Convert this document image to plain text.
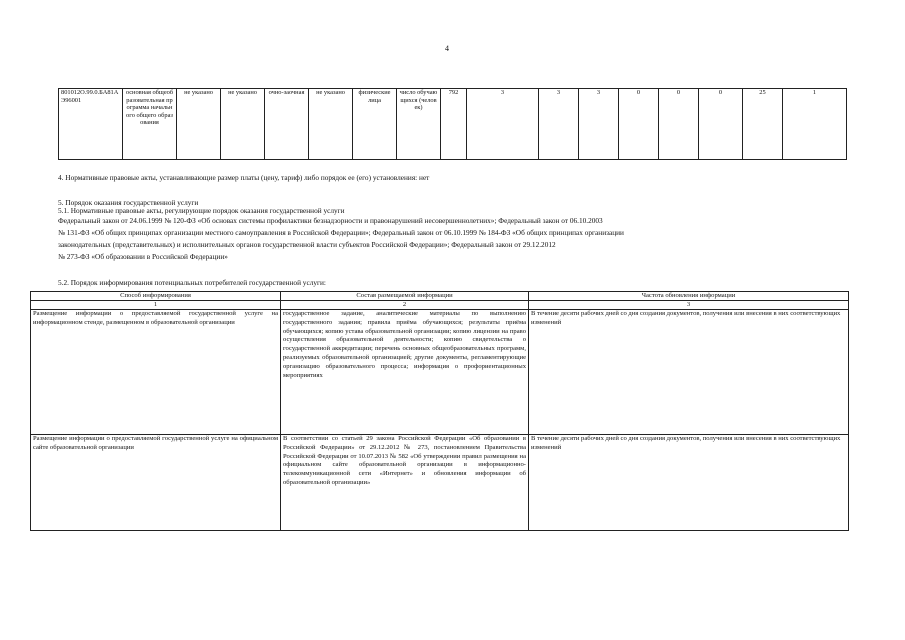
4
801012О.99.0.БА81АЭ96001	основная общеобразовательная программа начального общего образования	не указано	не указано	очно-заочная	не указано	физические лица	число обучающихся (человек)	792	3	3	3	0	0	0	25	1
4. Нормативные правовые акты, устанавливающие размер платы (цену, тариф) либо порядок ее (его) установления: нет
5. Порядок оказания государственной услуги
5.1. Нормативные правовые акты, регулирующие порядок оказания государственной услуги
Федеральный закон от 24.06.1999 № 120-ФЗ «Об основах системы профилактики безнадзорности и правонарушений несовершеннолетних»; Федеральный закон от 06.10.2003
№ 131-ФЗ «Об общих принципах организации местного самоуправления в Российской Федерации»; Федеральный закон от 06.10.1999 № 184-ФЗ «Об общих принципах организации
законодательных (представительных) и исполнительных органов государственной власти субъектов Российской Федерации»; Федеральный закон от 29.12.2012
№ 273-ФЗ «Об образовании в Российской Федерации»
5.2. Порядок информирования потенциальных потребителей государственной услуги:
Способ информирования	Состав размещаемой информации	Частота обновления информации
1	2	3
Размещение информации о предоставляемой государственной услуге на информационном стенде, размещенном в образовательной организации	государственное задание, аналитические материалы по выполнению государственного задания; правила приёма обучающихся; результаты приёма обучающихся; копию устава образовательной организации; копию лицензии на право осуществления образовательной деятельности; копию свидетельства о государственной аккредитации; перечень основных общеобразовательных программ, реализуемых образовательной организацией; другие документы, регламентирующие организацию образовательного процесса; информация о профориентационных мероприятиях	В течение десяти рабочих дней со дня создания документов, получения или внесения в них соответствующих изменений
Размещение информации о предоставляемой государственной услуге на официальном сайте образовательной организации	В соответствии со статьей 29 закона Российской Федерации «Об образовании в Российской Федерации» от 29.12.2012 № 273, постановлением Правительства Российской Федерации от 10.07.2013 № 582 «Об утверждении правил размещения на официальном сайте образовательной организации в информационно-телекоммуникационной сети «Интернет» и обновления информации об образовательной организации»	В течение десяти рабочих дней со дня создания документов, получения или внесения в них соответствующих изменений
